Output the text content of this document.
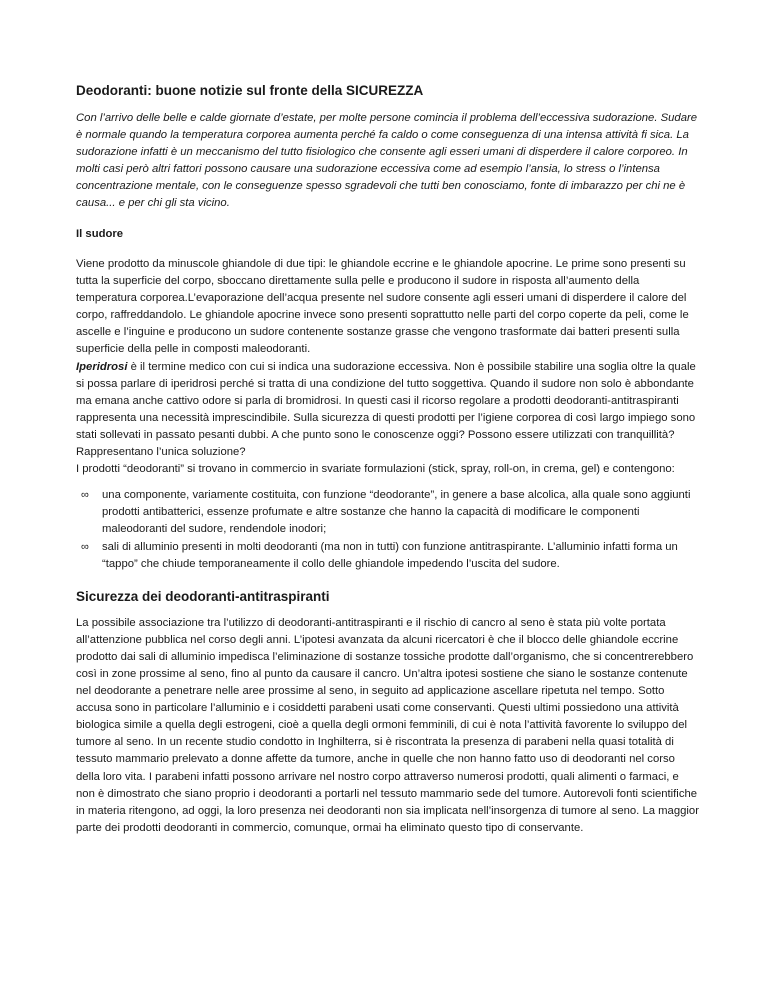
Deodoranti: buone notizie sul fronte della SICUREZZA

Con l’arrivo delle belle e calde giornate d’estate, per molte persone comincia il problema dell’eccessiva sudorazione. Sudare è normale quando la temperatura corporea aumenta perché fa caldo o come conseguenza di una intensa attività fi sica. La sudorazione infatti è un meccanismo del tutto fisiologico che consente agli esseri umani di disperdere il calore corporeo. In molti casi però altri fattori possono causare una sudorazione eccessiva come ad esempio l’ansia, lo stress o l’intensa concentrazione mentale, con le conseguenze spesso sgradevoli che tutti ben conosciamo, fonte di imbarazzo per chi ne è causa... e per chi gli sta vicino.

Il sudore

Viene prodotto da minuscole ghiandole di due tipi: le ghiandole eccrine e le ghiandole apocrine. Le prime sono presenti su tutta la superficie del corpo, sboccano direttamente sulla pelle e producono il sudore in risposta all’aumento della temperatura corporea.L’evaporazione dell’acqua presente nel sudore consente agli esseri umani di disperdere il calore del corpo, raffreddandolo. Le ghiandole apocrine invece sono presenti soprattutto nelle parti del corpo coperte da peli, come le ascelle e l’inguine e producono un sudore contenente sostanze grasse che vengono trasformate dai batteri presenti sulla superficie della pelle in composti maleodoranti.
Iperidrosi è il termine medico con cui si indica una sudorazione eccessiva. Non è possibile stabilire una soglia oltre la quale si possa parlare di iperidrosi perché si tratta di una condizione del tutto soggettiva. Quando il sudore non solo è abbondante ma emana anche cattivo odore si parla di bromidrosi. In questi casi il ricorso regolare a prodotti deodoranti-antitraspiranti rappresenta una necessità imprescindibile. Sulla sicurezza di questi prodotti per l’igiene corporea di così largo impiego sono stati sollevati in passato pesanti dubbi. A che punto sono le conoscenze oggi? Possono essere utilizzati con tranquillità? Rappresentano l’unica soluzione?
I prodotti “deodoranti” si trovano in commercio in svariate formulazioni (stick, spray, roll-on, in crema, gel) e contengono:

∞ una componente, variamente costituita, con funzione “deodorante”, in genere a base alcolica, alla quale sono aggiunti prodotti antibatterici, essenze profumate e altre sostanze che hanno la capacità di modificare le componenti maleodoranti del sudore, rendendole inodori;
∞ sali di alluminio presenti in molti deodoranti (ma non in tutti) con funzione antitraspirante. L’alluminio infatti forma un “tappo” che chiude temporaneamente il collo delle ghiandole impedendo l’uscita del sudore.
Sicurezza dei deodoranti-antitraspiranti

La possibile associazione tra l’utilizzo di deodoranti-antitraspiranti e il rischio di cancro al seno è stata più volte portata all’attenzione pubblica nel corso degli anni. L’ipotesi avanzata da alcuni ricercatori è che il blocco delle ghiandole eccrine prodotto dai sali di alluminio impedisca l’eliminazione di sostanze tossiche prodotte dall’organismo, che si concentrerebbero così in zone prossime al seno, fino al punto da causare il cancro. Un’altra ipotesi sostiene che siano le sostanze contenute nel deodorante a penetrare nelle aree prossime al seno, in seguito ad applicazione ascellare ripetuta nel tempo. Sotto accusa sono in particolare l’alluminio e i cosiddetti parabeni usati come conservanti. Questi ultimi possiedono una attività biologica simile a quella degli estrogeni, cioè a quella degli ormoni femminili, di cui è nota l’attività favorente lo sviluppo del tumore al seno. In un recente studio condotto in Inghilterra, si è riscontrata la presenza di parabeni nella quasi totalità di tessuto mammario prelevato a donne affette da tumore, anche in quelle che non hanno fatto uso di deodoranti nel corso della loro vita. I parabeni infatti possono arrivare nel nostro corpo attraverso numerosi prodotti, quali alimenti o farmaci, e non è dimostrato che siano proprio i deodoranti a portarli nel tessuto mammario sede del tumore. Autorevoli fonti scientifiche in materia ritengono, ad oggi, la loro presenza nei deodoranti non sia implicata nell’insorgenza di tumore al seno. La maggior parte dei prodotti deodoranti in commercio, comunque, ormai ha eliminato questo tipo di conservante.
